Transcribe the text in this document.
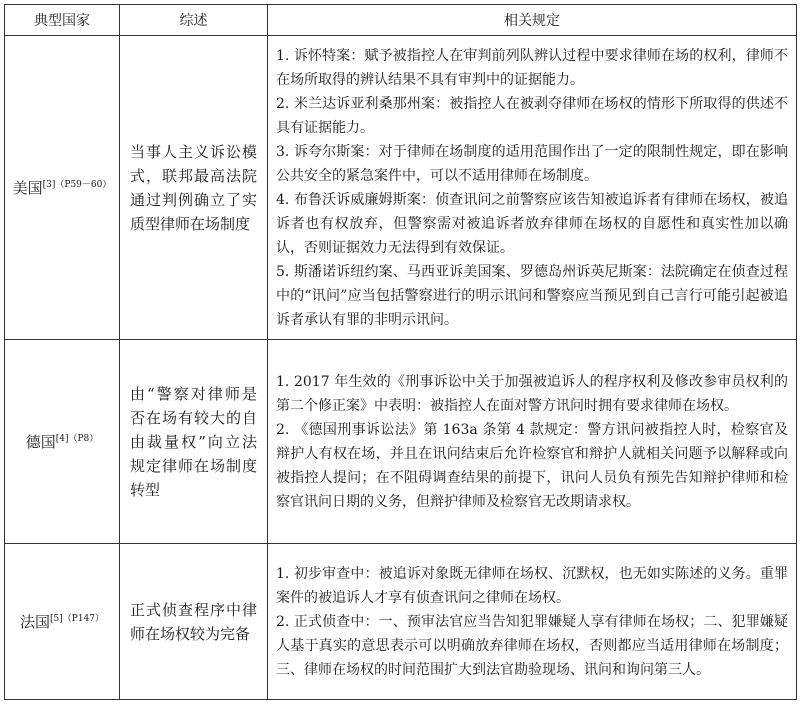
典型国家	综述	相关规定
美国$^{[3](P59-60)}$	当事人主义诉讼模式，联邦最高法院通过判例确立了实质型律师在场制度	1. 诉怀特案：赋予被指控人在审判前列队辨认过程中要求律师在场的权利，律师不在场所取得的辨认结果不具有审判中的证据能力。

2. 米兰达诉亚利桑那州案：被指控人在被剥夺律师在场权的情形下所取得的供述不具有证据能力。

3. 诉夸尔斯案：对于律师在场制度的适用范围作出了一定的限制性规定，即在影响公共安全的紧急案件中，可以不适用律师在场制度。

4. 布鲁沃诉威廉姆斯案：侦查讯问之前警察应该告知被追诉者有律师在场权，被追诉者也有权放弃，但警察需对被追诉者放弃律师在场权的自愿性和真实性加以确认，否则证据效力无法得到有效保证。

5. 斯潘诺诉纽约案、马西亚诉美国案、罗德岛州诉英尼斯案：法院确定在侦查过程中的“讯问”应当包括警察进行的明示讯问和警察应当预见到自己言行可能引起被追诉者承认有罪的非明示讯问。

德国$^{[4](P8)}$	由“警察对律师是否在场有较大的自由裁量权”向立法规定律师在场制度转型	1. 2017 年生效的《刑事诉讼中关于加强被追诉人的程序权利及修改参审员权利的第二个修正案》中表明：被指控人在面对警方讯问时拥有要求律师在场权。

2. 《德国刑事诉讼法》第 163a 条第 4 款规定：警方讯问被指控人时，检察官及辩护人有权在场，并且在讯问结束后允许检察官和辩护人就相关问题予以解释或向被指控人提问；在不阻碍调查结果的前提下，讯问人员负有预先告知辩护律师和检察官讯问日期的义务，但辩护律师及检察官无改期请求权。

法国$^{[5](P147)}$	正式侦查程序中律师在场权较为完备	1. 初步审查中：被追诉对象既无律师在场权、沉默权，也无如实陈述的义务。重罪案件的被追诉人才享有侦查讯问之律师在场权。

2. 正式侦查中：一、预审法官应当告知犯罪嫌疑人享有律师在场权；二、犯罪嫌疑人基于真实的意思表示可以明确放弃律师在场权，否则都应当适用律师在场制度；三、律师在场权的时间范围扩大到法官勘验现场、讯问和询问第三人。
